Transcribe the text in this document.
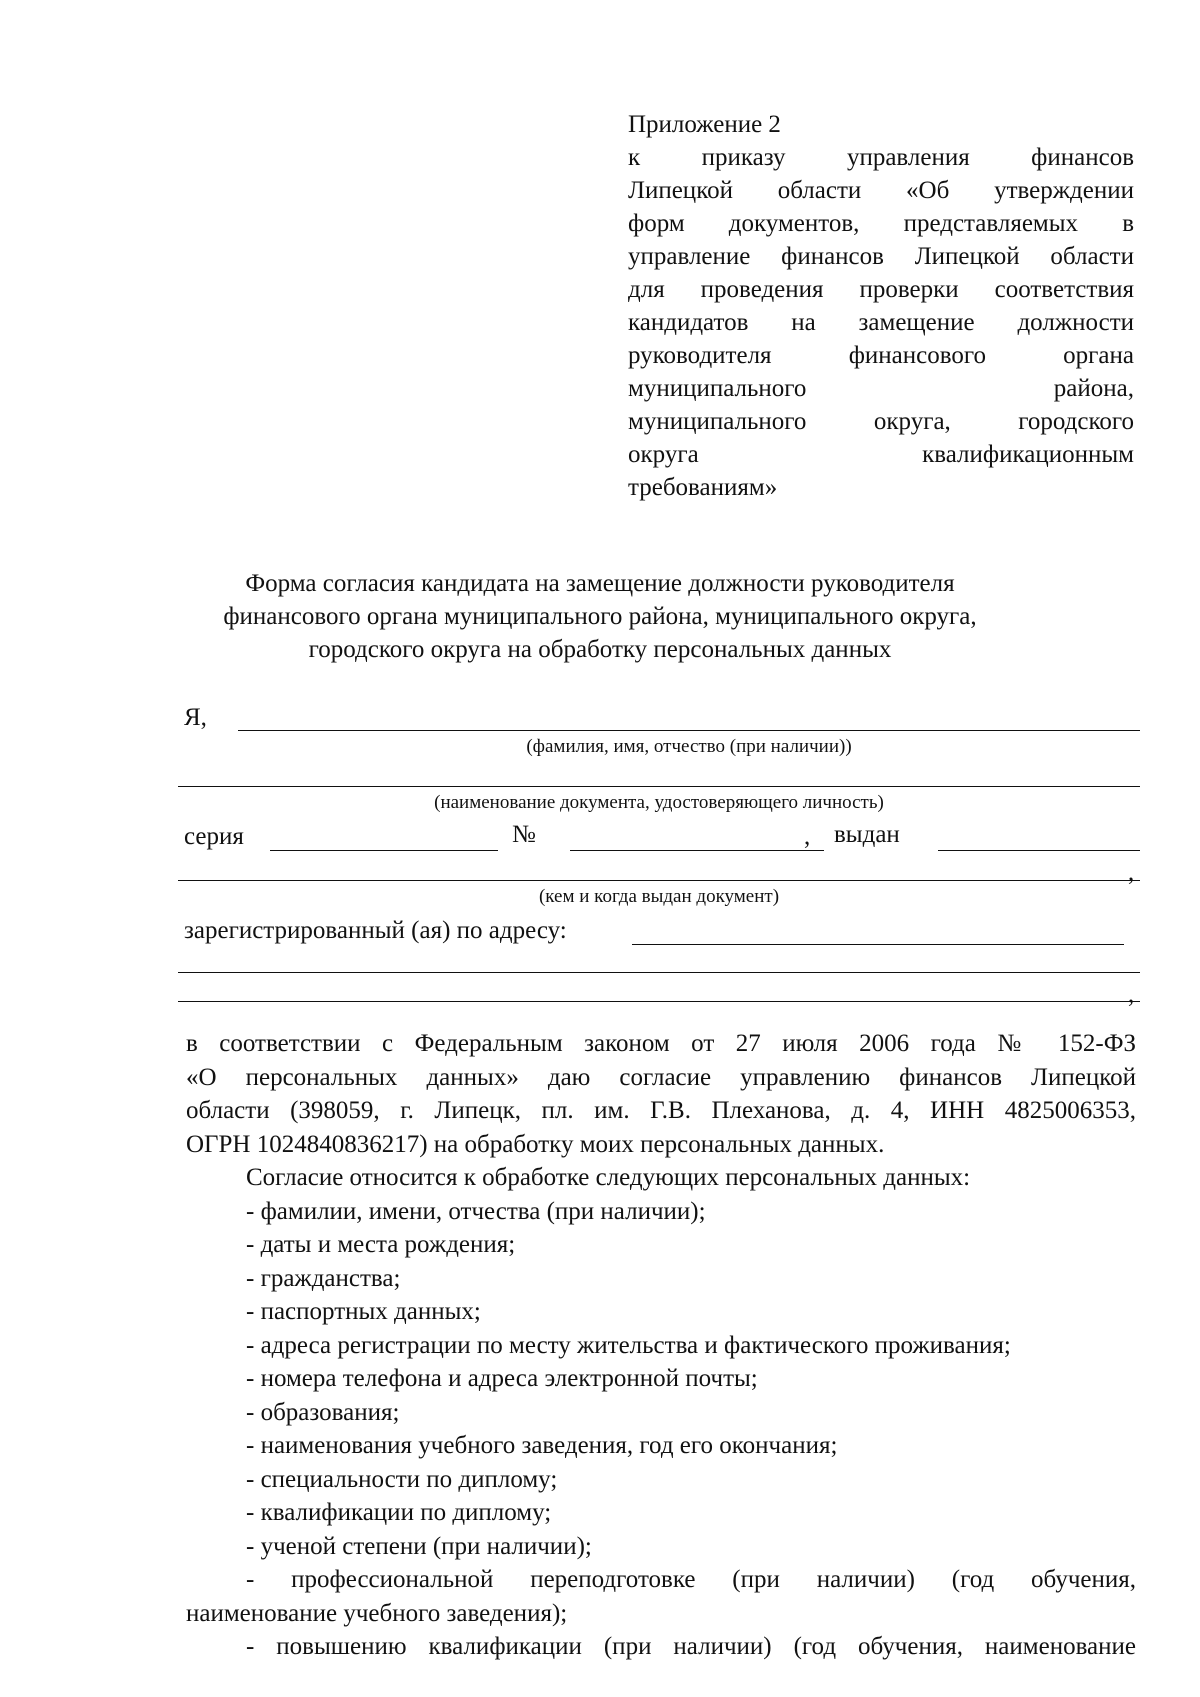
Приложение 2
к приказу управления финансов
Липецкой области «Об утверждении
форм документов, представляемых в
управление финансов Липецкой области
для проведения проверки соответствия
кандидатов на замещение должности
руководителя финансового органа
муниципального района,
муниципального округа, городского
округа квалификационным
требованиям»
Форма согласия кандидата на замещение должности руководителя
финансового органа муниципального района, муниципального округа,
городского округа на обработку персональных данных
Я,
(фамилия, имя, отчество (при наличии))
(наименование документа, удостоверяющего личность)
серия	№	, выдан
,
(кем и когда выдан документ)
зарегистрированный (ая) по адресу:
,
в соответствии с Федеральным законом от 27 июля 2006 года № 152-ФЗ
«О персональных данных» даю согласие управлению финансов Липецкой
области (398059, г. Липецк, пл. им. Г.В. Плеханова, д. 4, ИНН 4825006353,
ОГРН 1024840836217) на обработку моих персональных данных.
Согласие относится к обработке следующих персональных данных:
- фамилии, имени, отчества (при наличии);
- даты и места рождения;
- гражданства;
- паспортных данных;
- адреса регистрации по месту жительства и фактического проживания;
- номера телефона и адреса электронной почты;
- образования;
- наименования учебного заведения, год его окончания;
- специальности по диплому;
- квалификации по диплому;
- ученой степени (при наличии);
- профессиональной переподготовке (при наличии) (год обучения,
наименование учебного заведения);
- повышению квалификации (при наличии) (год обучения, наименование
